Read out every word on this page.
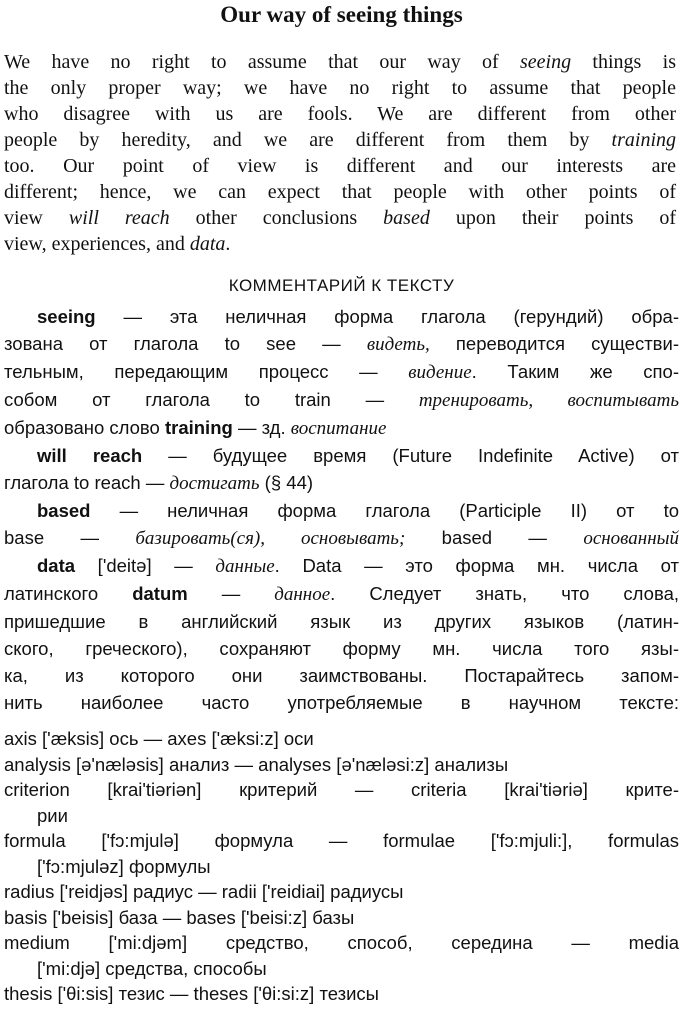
Our way of seeing things
We have no right to assume that our way of seeing things is
the only proper way; we have no right to assume that people
who disagree with us are fools. We are different from other
people by heredity, and we are different from them by training
too. Our point of view is different and our interests are
different; hence, we can expect that people with other points of
view will reach other conclusions based upon their points of
view, experiences, and data.
КОММЕНТАРИЙ К ТЕКСТУ
seeing — эта неличная форма глагола (герундий) обра-
зована от глагола to see — видеть, переводится существи-
тельным, передающим процесс — видение. Таким же спо-
собом от глагола to train — тренировать, воспитывать
образовано слово training — зд. воспитание
will reach — будущее время (Future Indefinite Active) от
глагола to reach — достигать (§ 44)
based — неличная форма глагола (Participle II) от to
base — базировать(ся), основывать; based — основанный
data ['deitə] — данные. Data — это форма мн. числа от
латинского datum — данное. Следует знать, что слова,
пришедшие в английский язык из других языков (латин-
ского, греческого), сохраняют форму мн. числа того язы-
ка, из которого они заимствованы. Постарайтесь запом-
нить наиболее часто употребляемые в научном тексте:
axis ['æksis] ось — axes ['æksi:z] оси
analysis [ə'næləsis] анализ — analyses [ə'næləsi:z] анализы
criterion [krai'tiəriən] критерий — criteria [krai'tiəriə] крите-
рии
formula ['fɔ:mjulə] формула — formulae ['fɔ:mjuli:], formulas
['fɔ:mjuləz] формулы
radius ['reidjəs] радиус — radii ['reidiai] радиусы
basis ['beisis] база — bases ['beisi:z] базы
medium ['mi:djəm] средство, способ, середина — media
['mi:djə] средства, способы
thesis ['θi:sis] тезис — theses ['θi:si:z] тезисы
